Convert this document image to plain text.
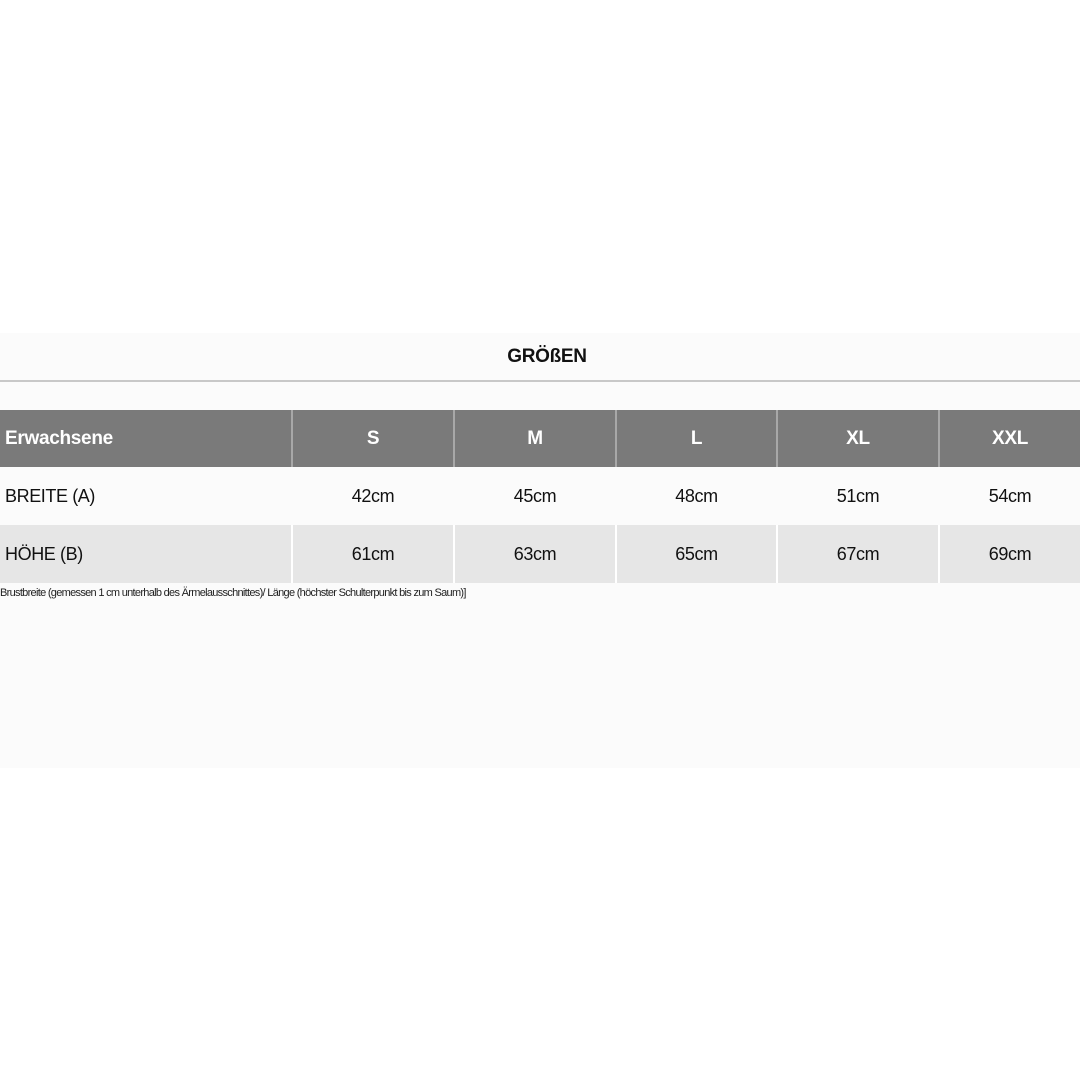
GRÖßEN
Erwachsene	S	M	L	XL	XXL
BREITE (A)	42cm	45cm	48cm	51cm	54cm
HÖHE (B)	61cm	63cm	65cm	67cm	69cm
Brustbreite (gemessen 1 cm unterhalb des Ärmelausschnittes)/ Länge (höchster Schulterpunkt bis zum Saum)]
